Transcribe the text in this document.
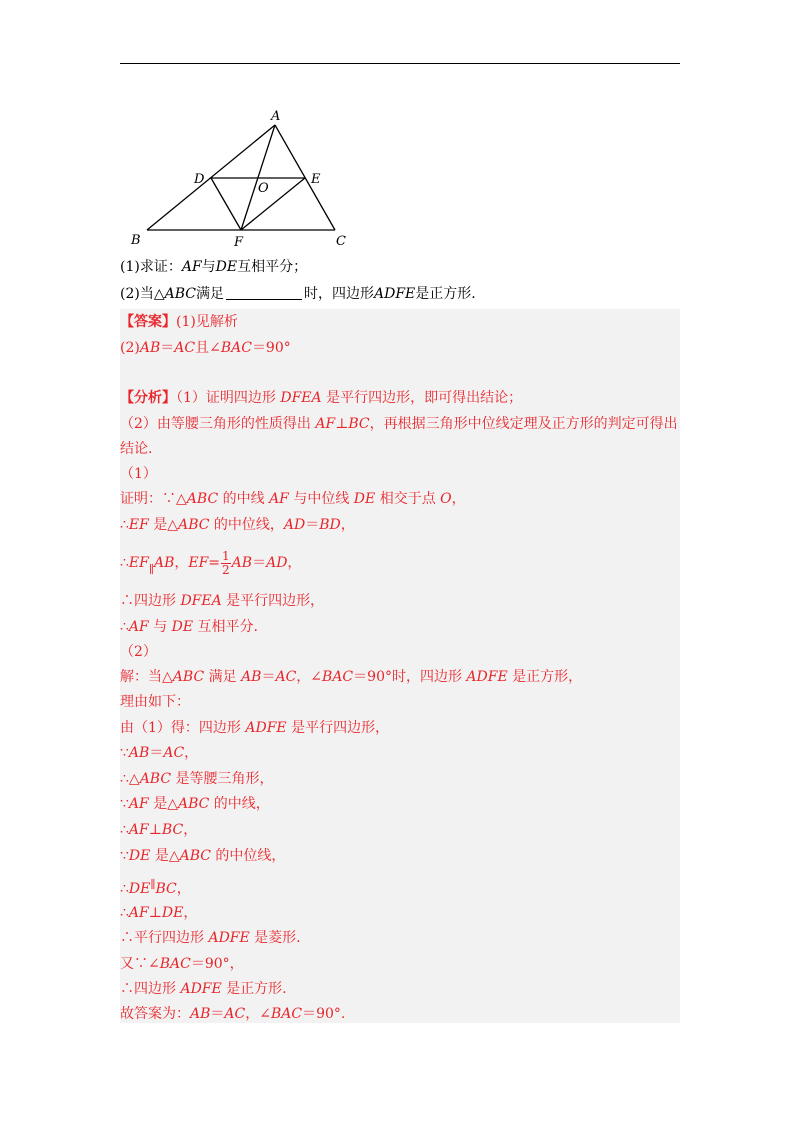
A
B	C
D	E
F
O
(1)求证：AF与DE互相平分；
(2)当△ABC满足	时，四边形ADFE是正方形.
【答案】(1)见解析
(2)AB＝AC且∠BAC＝90°
【分析】（1）证明四边形 DFEA 是平行四边形，即可得出结论；
（2）由等腰三角形的性质得出 AF⊥BC，再根据三角形中位线定理及正方形的判定可得出
结论.
（1）
证明：∵△ABC 的中线 AF 与中位线 DE 相交于点 O，
∴EF 是△ABC 的中位线，AD＝BD，
$\therefore EF_\parallel$ AB，$EF= \frac{1}{2} AB=AD$，
∴四边形 DFEA 是平行四边形，
∴AF 与 DE 互相平分.
（2）
解：当△ABC 满足 AB＝AC，∠BAC＝90°时，四边形 ADFE 是正方形，
理由如下：
由（1）得：四边形 ADFE 是平行四边形，
∵AB＝AC，
∴△ABC 是等腰三角形，
∵AF 是△ABC 的中线，
∴AF⊥BC，
∵DE 是△ABC 的中位线，
∴DE∥ BC，
∴AF⊥DE，
∴平行四边形 ADFE 是菱形.
又∵∠BAC＝90°，
∴四边形 ADFE 是正方形.
故答案为：AB＝AC，∠BAC＝90°.
